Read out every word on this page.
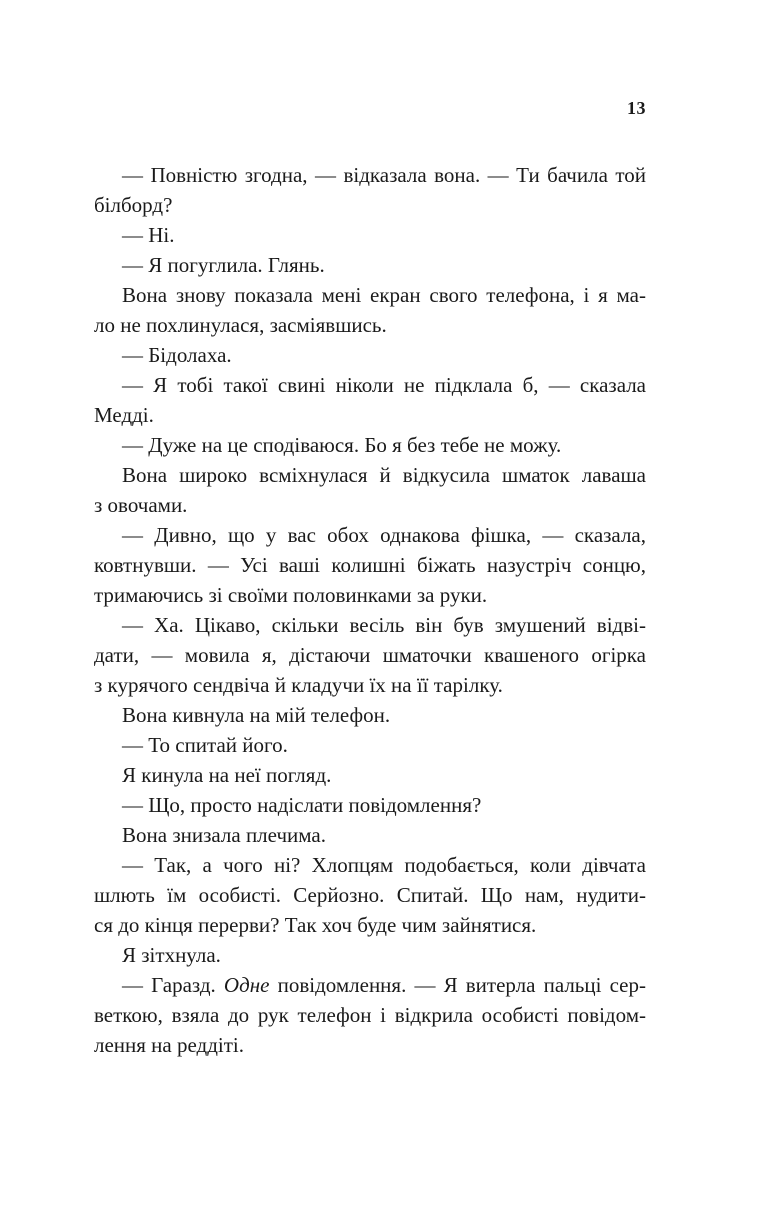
13
— Повністю згодна, — відказала вона. — Ти бачила той
білборд?
— Ні.
— Я погуглила. Глянь.
Вона знову показала мені екран свого телефона, і я ма-
ло не похлинулася, засміявшись.
— Бідолаха.
— Я тобі такої свині ніколи не підклала б, — сказала
Медді.
— Дуже на це сподіваюся. Бо я без тебе не можу.
Вона широко всміхнулася й відкусила шматок лаваша
з овочами.
— Дивно, що у вас обох однакова фішка, — сказала,
ковтнувши. — Усі ваші колишні біжать назустріч сонцю,
тримаючись зі своїми половинками за руки.
— Ха. Цікаво, скільки весіль він був змушений відві-
дати, — мовила я, дістаючи шматочки квашеного огірка
з курячого сендвіча й кладучи їх на її тарілку.
Вона кивнула на мій телефон.
— То спитай його.
Я кинула на неї погляд.
— Що, просто надіслати повідомлення?
Вона знизала плечима.
— Так, а чого ні? Хлопцям подобається, коли дівчата
шлють їм особисті. Серйозно. Спитай. Що нам, нудити-
ся до кінця перерви? Так хоч буде чим зайнятися.
Я зітхнула.
— Гаразд. Одне повідомлення. — Я витерла пальці сер-
веткою, взяла до рук телефон і відкрила особисті повідом-
лення на реддіті.
